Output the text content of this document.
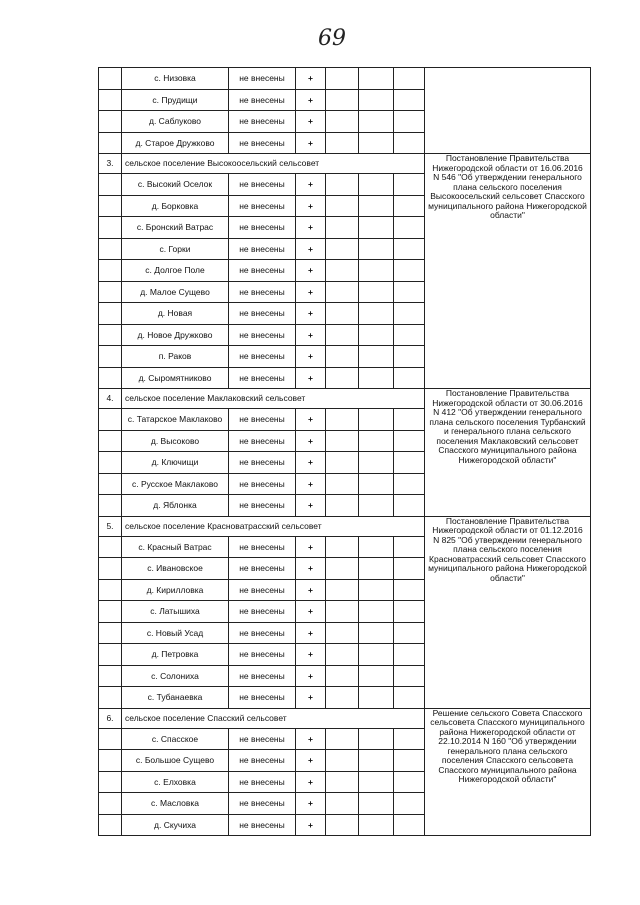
69
	с. Низовка	не внесены	+				
	с. Прудищи	не внесены	+				
	д. Саблуково	не внесены	+				
	д. Старое Дружково	не внесены	+				
3.	сельское поселение Высокоосельский сельсовет						Постановление Правительства Нижегородской области от 16.06.2016 N 546 "Об утверждении генерального плана сельского поселения Высокоосельский сельсовет Спасского муниципального района Нижегородской области"
	с. Высокий Оселок	не внесены	+				
	д. Борковка	не внесены	+				
	с. Бронский Ватрас	не внесены	+				
	с. Горки	не внесены	+				
	с. Долгое Поле	не внесены	+				
	д. Малое Сущево	не внесены	+				
	д. Новая	не внесены	+				
	д. Новое Дружково	не внесены	+				
	п. Раков	не внесены	+				
	д. Сыромятниково	не внесены	+				
4.	сельское поселение Маклаковский сельсовет						Постановление Правительства Нижегородской области от 30.06.2016 N 412 "Об утверждении генерального плана сельского поселения Турбанский и генерального плана сельского поселения Маклаковский сельсовет Спасского муниципального района Нижегородской области"
	с. Татарское Маклаково	не внесены	+				
	д. Высоково	не внесены	+				
	д. Ключищи	не внесены	+				
	с. Русское Маклаково	не внесены	+				
	д. Яблонка	не внесены	+				
5.	сельское поселение Красноватрасский сельсовет						Постановление Правительства Нижегородской области от 01.12.2016 N 825 "Об утверждении генерального плана сельского поселения Красноватрасский сельсовет Спасского муниципального района Нижегородской области"
	с. Красный Ватрас	не внесены	+				
	с. Ивановское	не внесены	+				
	д. Кирилловка	не внесены	+				
	с. Латышиха	не внесены	+				
	с. Новый Усад	не внесены	+				
	д. Петровка	не внесены	+				
	с. Солониха	не внесены	+				
	с. Тубанаевка	не внесены	+				
6.	сельское поселение Спасский сельсовет						Решение сельского Совета Спасского сельсовета Спасского муниципального района Нижегородской области от 22.10.2014 N 160 "Об утверждении генерального плана сельского поселения Спасского сельсовета Спасского муниципального района Нижегородской области"
	с. Спасское	не внесены	+				
	с. Большое Сущево	не внесены	+				
	с. Елховка	не внесены	+				
	с. Масловка	не внесены	+				
	д. Скучиха	не внесены	+				
